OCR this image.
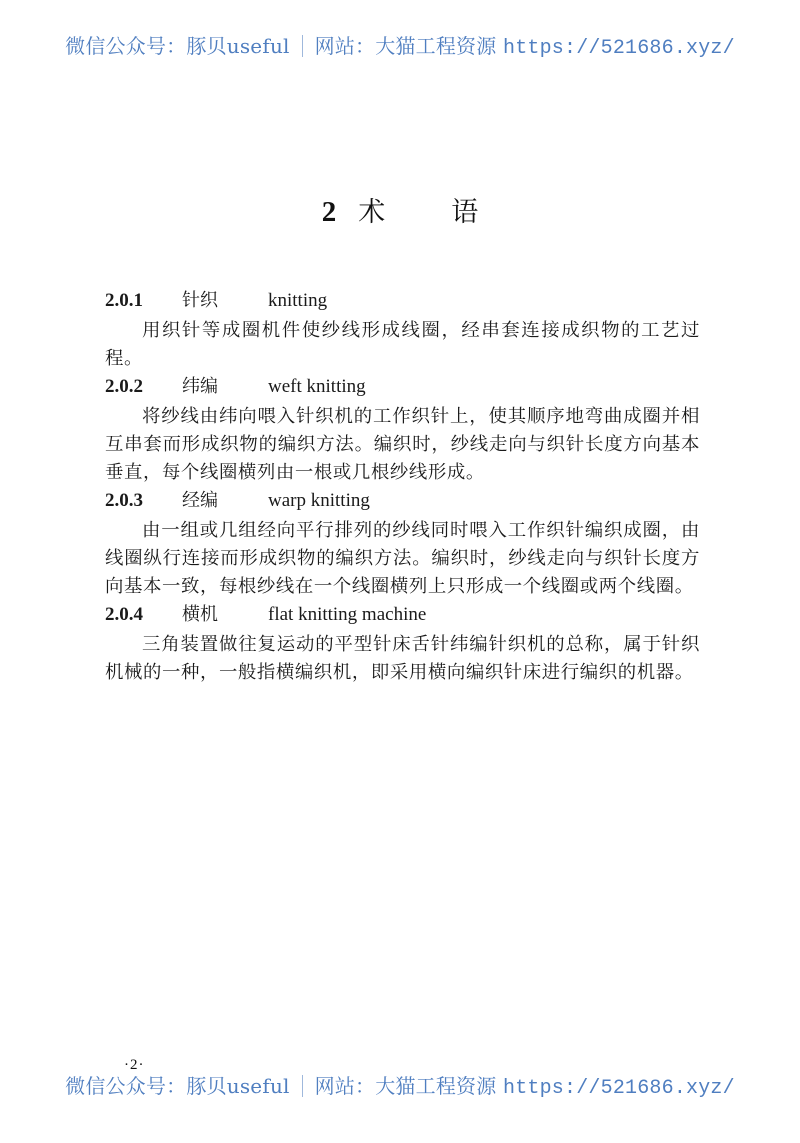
微信公众号：豚贝useful 网站：大猫工程资源 https://521686.xyz/
2 术 语
2.0.1 针织	knitting

用织针等成圈机件使纱线形成线圈，经串套连接成织物的工艺过程。

2.0.2 纬编	weft knitting

将纱线由纬向喂入针织机的工作织针上，使其顺序地弯曲成圈并相互串套而形成织物的编织方法。编织时，纱线走向与织针长度方向基本垂直，每个线圈横列由一根或几根纱线形成。

2.0.3 经编	warp knitting

由一组或几组经向平行排列的纱线同时喂入工作织针编织成圈，由线圈纵行连接而形成织物的编织方法。编织时，纱线走向与织针长度方向基本一致，每根纱线在一个线圈横列上只形成一个线圈或两个线圈。

2.0.4 横机	flat knitting machine

三角装置做往复运动的平型针床舌针纬编针织机的总称，属于针织机械的一种，一般指横编织机，即采用横向编织针床进行编织的机器。

·2·
微信公众号：豚贝useful 网站：大猫工程资源 https://521686.xyz/
